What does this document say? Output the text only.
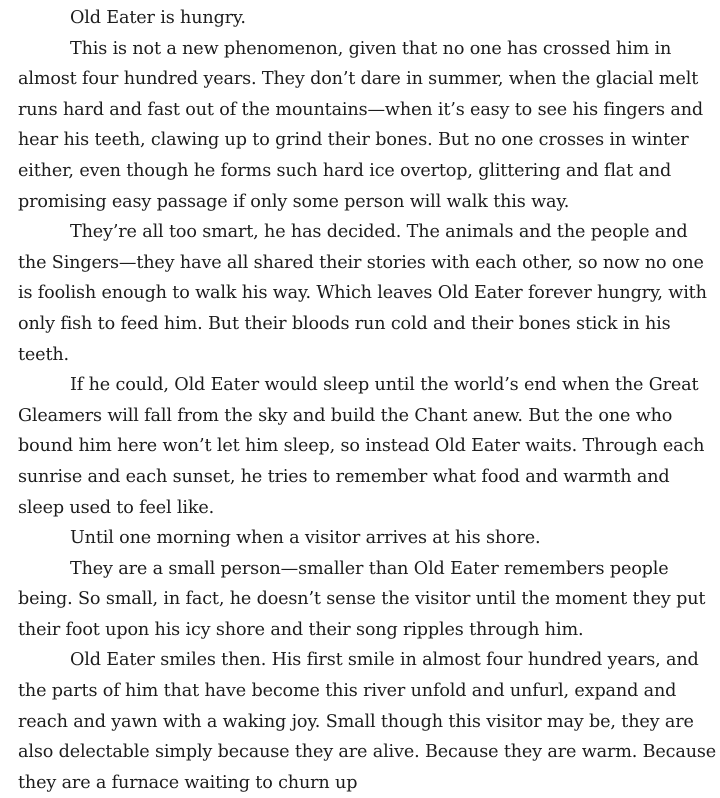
Old Eater is hungry.

This is not a new phenomenon, given that no one has crossed him in almost four hundred years. They don’t dare in summer, when the glacial melt runs hard and fast out of the mountains—when it’s easy to see his fingers and hear his teeth, clawing up to grind their bones. But no one crosses in winter either, even though he forms such hard ice overtop, glittering and flat and promising easy passage if only some person will walk this way.

They’re all too smart, he has decided. The animals and the people and the Singers—they have all shared their stories with each other, so now no one is foolish enough to walk his way. Which leaves Old Eater forever hungry, with only fish to feed him. But their bloods run cold and their bones stick in his teeth.

If he could, Old Eater would sleep until the world’s end when the Great Gleamers will fall from the sky and build the Chant anew. But the one who bound him here won’t let him sleep, so instead Old Eater waits. Through each sunrise and each sunset, he tries to remember what food and warmth and sleep used to feel like.

Until one morning when a visitor arrives at his shore.

They are a small person—smaller than Old Eater remembers people being. So small, in fact, he doesn’t sense the visitor until the moment they put their foot upon his icy shore and their song ripples through him.

Old Eater smiles then. His first smile in almost four hundred years, and the parts of him that have become this river unfold and unfurl, expand and reach and yawn with a waking joy. Small though this visitor may be, they are also delectable simply because they are alive. Because they are warm. Because they are a furnace waiting to churn up
